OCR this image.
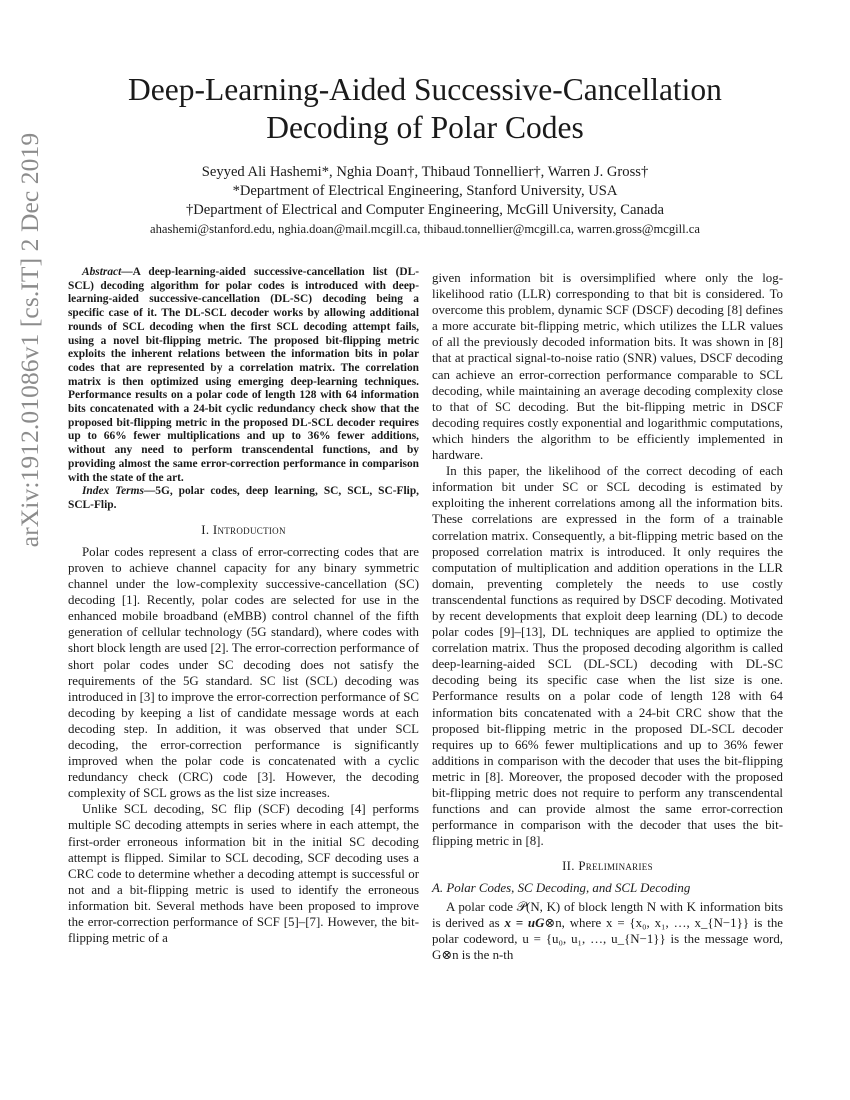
arXiv:1912.01086v1 [cs.IT] 2 Dec 2019
Deep-Learning-Aided Successive-Cancellation
Decoding of Polar Codes
Seyyed Ali Hashemi*, Nghia Doan†, Thibaud Tonnellier†, Warren J. Gross†
*Department of Electrical Engineering, Stanford University, USA
†Department of Electrical and Computer Engineering, McGill University, Canada
ahashemi@stanford.edu, nghia.doan@mail.mcgill.ca, thibaud.tonnellier@mcgill.ca, warren.gross@mcgill.ca

Abstract—A deep-learning-aided successive-cancellation list (DL-SCL) decoding algorithm for polar codes is introduced with deep-learning-aided successive-cancellation (DL-SC) decoding being a specific case of it. The DL-SCL decoder works by allowing additional rounds of SCL decoding when the first SCL decoding attempt fails, using a novel bit-flipping metric. The proposed bit-flipping metric exploits the inherent relations between the information bits in polar codes that are represented by a correlation matrix. The correlation matrix is then optimized using emerging deep-learning techniques. Performance results on a polar code of length 128 with 64 information bits concatenated with a 24-bit cyclic redundancy check show that the proposed bit-flipping metric in the proposed DL-SCL decoder requires up to 66% fewer multiplications and up to 36% fewer additions, without any need to perform transcendental functions, and by providing almost the same error-correction performance in comparison with the state of the art.

Index Terms—5G, polar codes, deep learning, SC, SCL, SC-Flip, SCL-Flip.

I. Introduction

Polar codes represent a class of error-correcting codes that are proven to achieve channel capacity for any binary symmetric channel under the low-complexity successive-cancellation (SC) decoding [1]. Recently, polar codes are selected for use in the enhanced mobile broadband (eMBB) control channel of the fifth generation of cellular technology (5G standard), where codes with short block length are used [2]. The error-correction performance of short polar codes under SC decoding does not satisfy the requirements of the 5G standard. SC list (SCL) decoding was introduced in [3] to improve the error-correction performance of SC decoding by keeping a list of candidate message words at each decoding step. In addition, it was observed that under SCL decoding, the error-correction performance is significantly improved when the polar code is concatenated with a cyclic redundancy check (CRC) code [3]. However, the decoding complexity of SCL grows as the list size increases.

Unlike SCL decoding, SC flip (SCF) decoding [4] performs multiple SC decoding attempts in series where in each attempt, the first-order erroneous information bit in the initial SC decoding attempt is flipped. Similar to SCL decoding, SCF decoding uses a CRC code to determine whether a decoding attempt is successful or not and a bit-flipping metric is used to identify the erroneous information bit. Several methods have been proposed to improve the error-correction performance of SCF [5]–[7]. However, the bit-flipping metric of a

given information bit is oversimplified where only the log-likelihood ratio (LLR) corresponding to that bit is considered. To overcome this problem, dynamic SCF (DSCF) decoding [8] defines a more accurate bit-flipping metric, which utilizes the LLR values of all the previously decoded information bits. It was shown in [8] that at practical signal-to-noise ratio (SNR) values, DSCF decoding can achieve an error-correction performance comparable to SCL decoding, while maintaining an average decoding complexity close to that of SC decoding. But the bit-flipping metric in DSCF decoding requires costly exponential and logarithmic computations, which hinders the algorithm to be efficiently implemented in hardware.

In this paper, the likelihood of the correct decoding of each information bit under SC or SCL decoding is estimated by exploiting the inherent correlations among all the information bits. These correlations are expressed in the form of a trainable correlation matrix. Consequently, a bit-flipping metric based on the proposed correlation matrix is introduced. It only requires the computation of multiplication and addition operations in the LLR domain, preventing completely the needs to use costly transcendental functions as required by DSCF decoding. Motivated by recent developments that exploit deep learning (DL) to decode polar codes [9]–[13], DL techniques are applied to optimize the correlation matrix. Thus the proposed decoding algorithm is called deep-learning-aided SCL (DL-SCL) decoding with DL-SC decoding being its specific case when the list size is one. Performance results on a polar code of length 128 with 64 information bits concatenated with a 24-bit CRC show that the proposed bit-flipping metric in the proposed DL-SCL decoder requires up to 66% fewer multiplications and up to 36% fewer additions in comparison with the decoder that uses the bit-flipping metric in [8]. Moreover, the proposed decoder with the proposed bit-flipping metric does not require to perform any transcendental functions and can provide almost the same error-correction performance in comparison with the decoder that uses the bit-flipping metric in [8].

II. Preliminaries
A. Polar Codes, SC Decoding, and SCL Decoding

A polar code 𝒫(N, K) of block length N with K information bits is derived as x = uG⊗n, where x = {x₀, x₁, …, x_{N−1}} is the polar codeword, u = {u₀, u₁, …, u_{N−1}} is the message word, G⊗n is the n-th
